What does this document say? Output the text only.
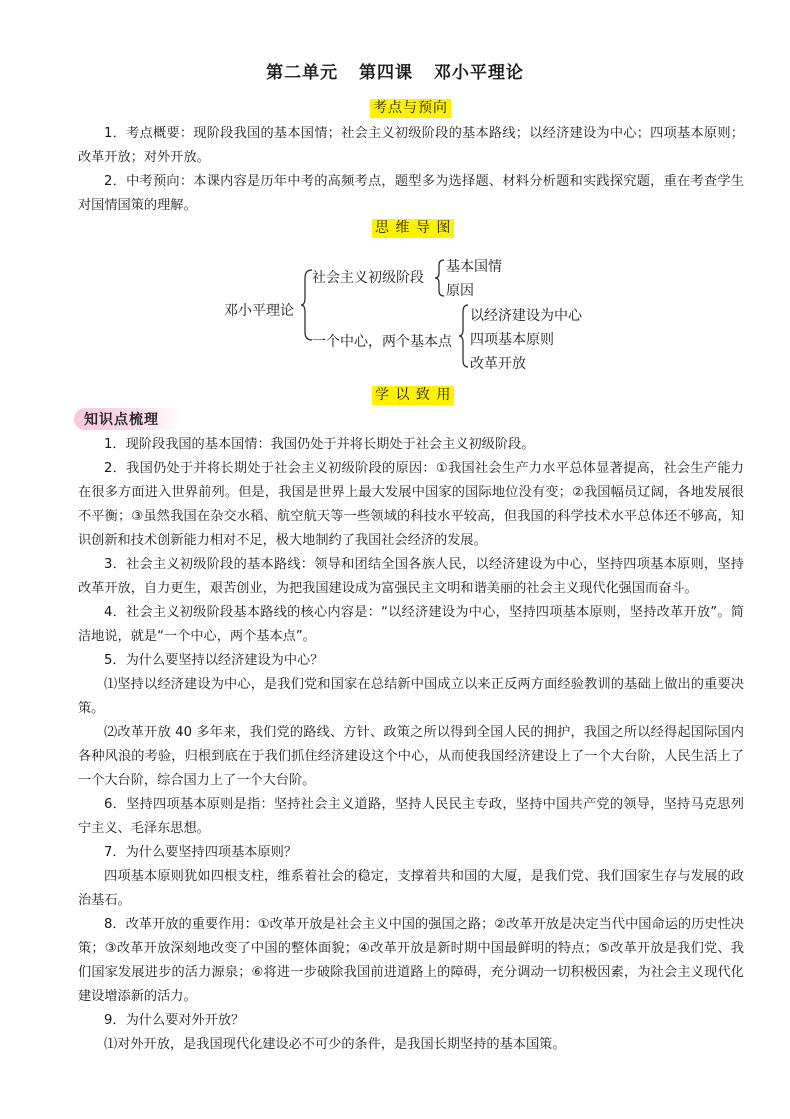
第二单元 第四课 邓小平理论
考点与预向
1．考点概要：现阶段我国的基本国情；社会主义初级阶段的基本路线；以经济建设为中心；四项基本原则；改革开放；对外开放。
2．中考预向：本课内容是历年中考的高频考点，题型多为选择题、材料分析题和实践探究题，重在考查学生对国情国策的理解。
思 维 导 图
邓小平理论
社会主义初级阶段
基本国情
原因
一个中心，两个基本点
以经济建设为中心
四项基本原则
改革开放
学 以 致 用
知识点梳理
1．现阶段我国的基本国情：我国仍处于并将长期处于社会主义初级阶段。
2．我国仍处于并将长期处于社会主义初级阶段的原因：①我国社会生产力水平总体显著提高，社会生产能力在很多方面进入世界前列。但是，我国是世界上最大发展中国家的国际地位没有变；②我国幅员辽阔，各地发展很不平衡；③虽然我国在杂交水稻、航空航天等一些领域的科技水平较高，但我国的科学技术水平总体还不够高，知识创新和技术创新能力相对不足，极大地制约了我国社会经济的发展。
3．社会主义初级阶段的基本路线：领导和团结全国各族人民，以经济建设为中心，坚持四项基本原则，坚持改革开放，自力更生，艰苦创业，为把我国建设成为富强民主文明和谐美丽的社会主义现代化强国而奋斗。
4．社会主义初级阶段基本路线的核心内容是：“以经济建设为中心，坚持四项基本原则，坚持改革开放”。简洁地说，就是“一个中心，两个基本点”。
5．为什么要坚持以经济建设为中心？
⑴坚持以经济建设为中心，是我们党和国家在总结新中国成立以来正反两方面经验教训的基础上做出的重要决策。
⑵改革开放 40 多年来，我们党的路线、方针、政策之所以得到全国人民的拥护，我国之所以经得起国际国内各种风浪的考验，归根到底在于我们抓住经济建设这个中心，从而使我国经济建设上了一个大台阶，人民生活上了一个大台阶，综合国力上了一个大台阶。
6．坚持四项基本原则是指：坚持社会主义道路，坚持人民民主专政，坚持中国共产党的领导，坚持马克思列宁主义、毛泽东思想。
7．为什么要坚持四项基本原则？
四项基本原则犹如四根支柱，维系着社会的稳定，支撑着共和国的大厦，是我们党、我们国家生存与发展的政治基石。
8．改革开放的重要作用：①改革开放是社会主义中国的强国之路；②改革开放是决定当代中国命运的历史性决策；③改革开放深刻地改变了中国的整体面貌；④改革开放是新时期中国最鲜明的特点；⑤改革开放是我们党、我们国家发展进步的活力源泉；⑥将进一步破除我国前进道路上的障碍，充分调动一切积极因素，为社会主义现代化建设增添新的活力。
9．为什么要对外开放？
⑴对外开放，是我国现代化建设必不可少的条件，是我国长期坚持的基本国策。
